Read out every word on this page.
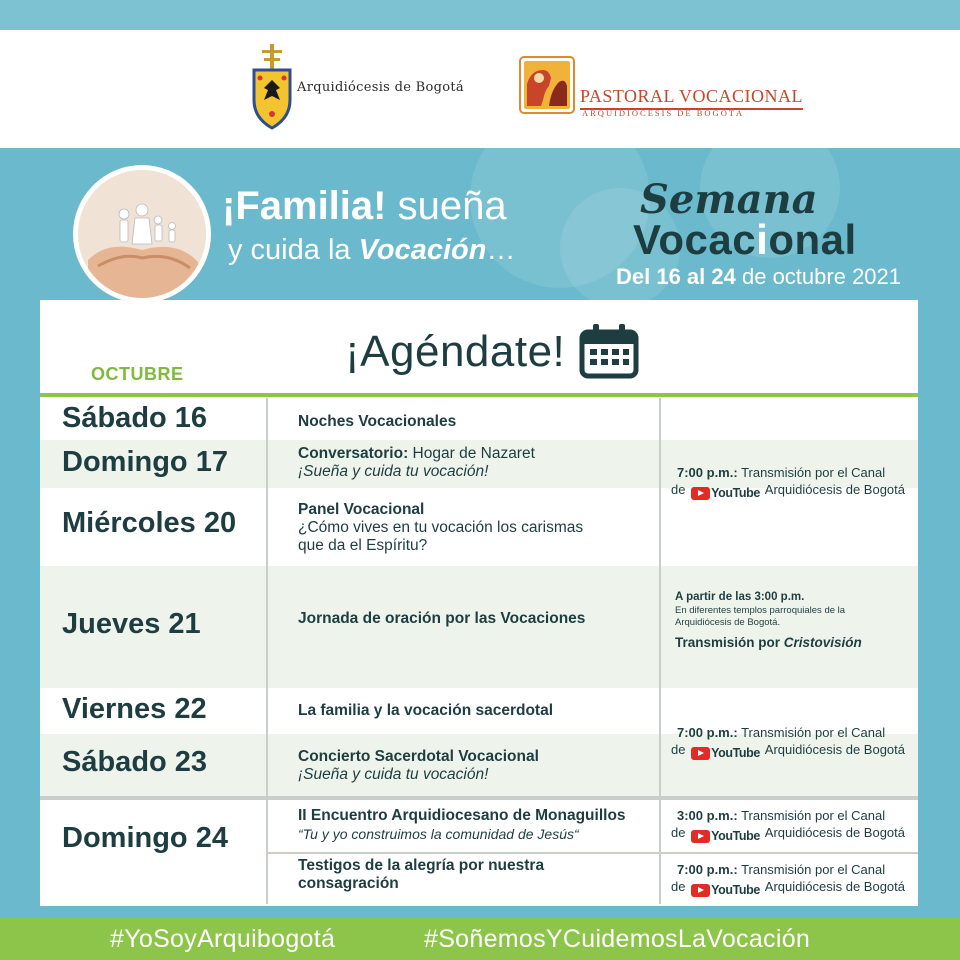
Arquidiócesis de Bogotá	PASTORAL VOCACIONAL
ARQUIDIÓCESIS DE BOGOTÁ
¡Familia! sueña
y cuida la Vocación…
Semana
Vocacional
Del 16 al 24 de octubre 2021
¡Agéndate!
OCTUBRE
Sábado 16
Domingo 17
Miércoles 20
Jueves 21
Viernes 22
Sábado 23
Domingo 24
Noches Vocacionales
Conversatorio: Hogar de Nazaret
¡Sueña y cuida tu vocación!
Panel Vocacional
¿Cómo vives en tu vocación los carismas
que da el Espíritu?
Jornada de oración por las Vocaciones
La familia y la vocación sacerdotal
Concierto Sacerdotal Vocacional
¡Sueña y cuida tu vocación!
II Encuentro Arquidiocesano de Monaguillos
“Tu y yo construimos la comunidad de Jesús“
Testigos de la alegría por nuestra
consagración
7:00 p.m.: Transmisión por el Canal
de YouTube Arquidiócesis de Bogotá
A partir de las 3:00 p.m.
En diferentes templos parroquiales de la
Arquidiócesis de Bogotá.
Transmisión por Cristovisión
7:00 p.m.: Transmisión por el Canal
de YouTube Arquidiócesis de Bogotá
3:00 p.m.: Transmisión por el Canal
de YouTube Arquidiócesis de Bogotá
7:00 p.m.: Transmisión por el Canal
de YouTube Arquidiócesis de Bogotá
#YoSoyArquibogotá	#SoñemosYCuidemosLaVocación
